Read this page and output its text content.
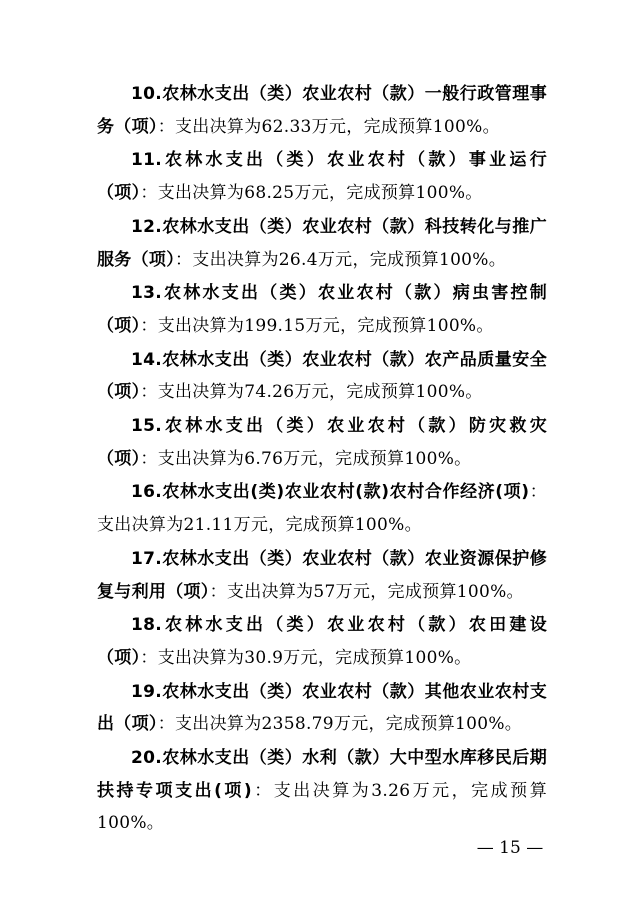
10.农林水支出（类）农业农村（款）一般行政管理事务（项）：支出决算为62.33万元，完成预算100%。

11.农林水支出（类）农业农村（款）事业运行（项）：支出决算为68.25万元，完成预算100%。

12.农林水支出（类）农业农村（款）科技转化与推广服务（项）：支出决算为26.4万元，完成预算100%。

13.农林水支出（类）农业农村（款）病虫害控制（项）：支出决算为199.15万元，完成预算100%。

14.农林水支出（类）农业农村（款）农产品质量安全（项）：支出决算为74.26万元，完成预算100%。

15.农林水支出（类）农业农村（款）防灾救灾（项）：支出决算为6.76万元，完成预算100%。

16.农林水支出(类)农业农村(款)农村合作经济(项)：支出决算为21.11万元，完成预算100%。

17.农林水支出（类）农业农村（款）农业资源保护修复与利用（项）：支出决算为57万元，完成预算100%。

18.农林水支出（类）农业农村（款）农田建设（项）：支出决算为30.9万元，完成预算100%。

19.农林水支出（类）农业农村（款）其他农业农村支出（项）：支出决算为2358.79万元，完成预算100%。

20.农林水支出（类）水利（款）大中型水库移民后期扶持专项支出(项)：支出决算为3.26万元，完成预算100%。

— 15 —
